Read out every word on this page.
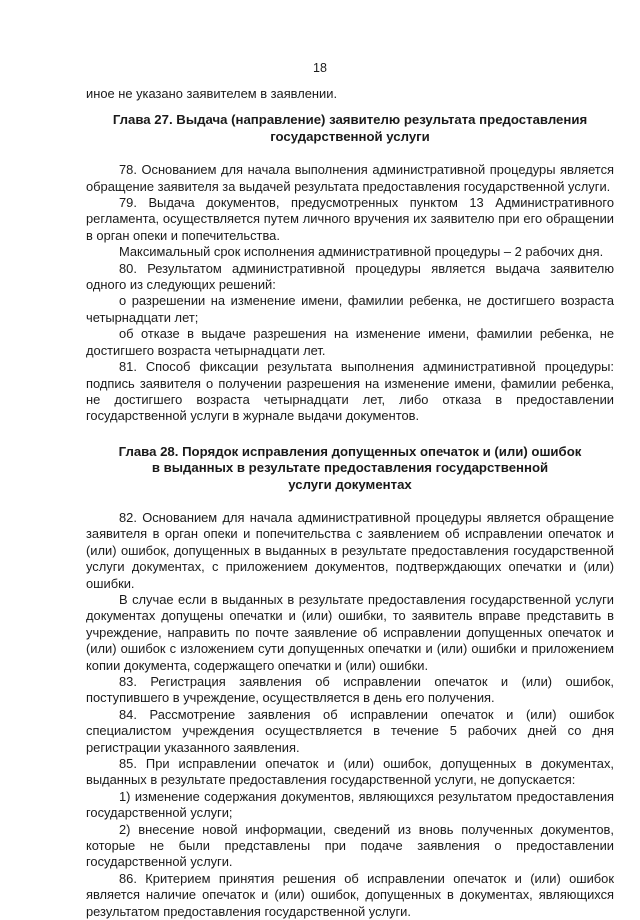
18

иное не указано заявителем в заявлении.

Глава 27. Выдача (направление) заявителю результата предоставления
государственной услуги

78. Основанием для начала выполнения административной процедуры является обращение заявителя за выдачей результата предоставления государственной услуги.

79. Выдача документов, предусмотренных пунктом 13 Административного регламента, осуществляется путем личного вручения их заявителю при его обращении в орган опеки и попечительства.

Максимальный срок исполнения административной процедуры – 2 рабочих дня.

80. Результатом административной процедуры является выдача заявителю одного из следующих решений:

о разрешении на изменение имени, фамилии ребенка, не достигшего возраста четырнадцати лет;

об отказе в выдаче разрешения на изменение имени, фамилии ребенка, не достигшего возраста четырнадцати лет.

81. Способ фиксации результата выполнения административной процедуры: подпись заявителя о получении разрешения на изменение имени, фамилии ребенка, не достигшего возраста четырнадцати лет, либо отказа в предоставлении государственной услуги в журнале выдачи документов.

Глава 28. Порядок исправления допущенных опечаток и (или) ошибок
в выданных в результате предоставления государственной
услуги документах

82. Основанием для начала административной процедуры является обращение заявителя в орган опеки и попечительства с заявлением об исправлении опечаток и (или) ошибок, допущенных в выданных в результате предоставления государственной услуги документах, с приложением документов, подтверждающих опечатки и (или) ошибки.

В случае если в выданных в результате предоставления государственной услуги документах допущены опечатки и (или) ошибки, то заявитель вправе представить в учреждение, направить по почте заявление об исправлении допущенных опечаток и (или) ошибок с изложением сути допущенных опечатки и (или) ошибки и приложением копии документа, содержащего опечатки и (или) ошибки.

83. Регистрация заявления об исправлении опечаток и (или) ошибок, поступившего в учреждение, осуществляется в день его получения.

84. Рассмотрение заявления об исправлении опечаток и (или) ошибок специалистом учреждения осуществляется в течение 5 рабочих дней со дня регистрации указанного заявления.

85. При исправлении опечаток и (или) ошибок, допущенных в документах, выданных в результате предоставления государственной услуги, не допускается:

1) изменение содержания документов, являющихся результатом предоставления государственной услуги;

2) внесение новой информации, сведений из вновь полученных документов, которые не были представлены при подаче заявления о предоставлении государственной услуги.

86. Критерием принятия решения об исправлении опечаток и (или) ошибок является наличие опечаток и (или) ошибок, допущенных в документах, являющихся результатом предоставления государственной услуги.
